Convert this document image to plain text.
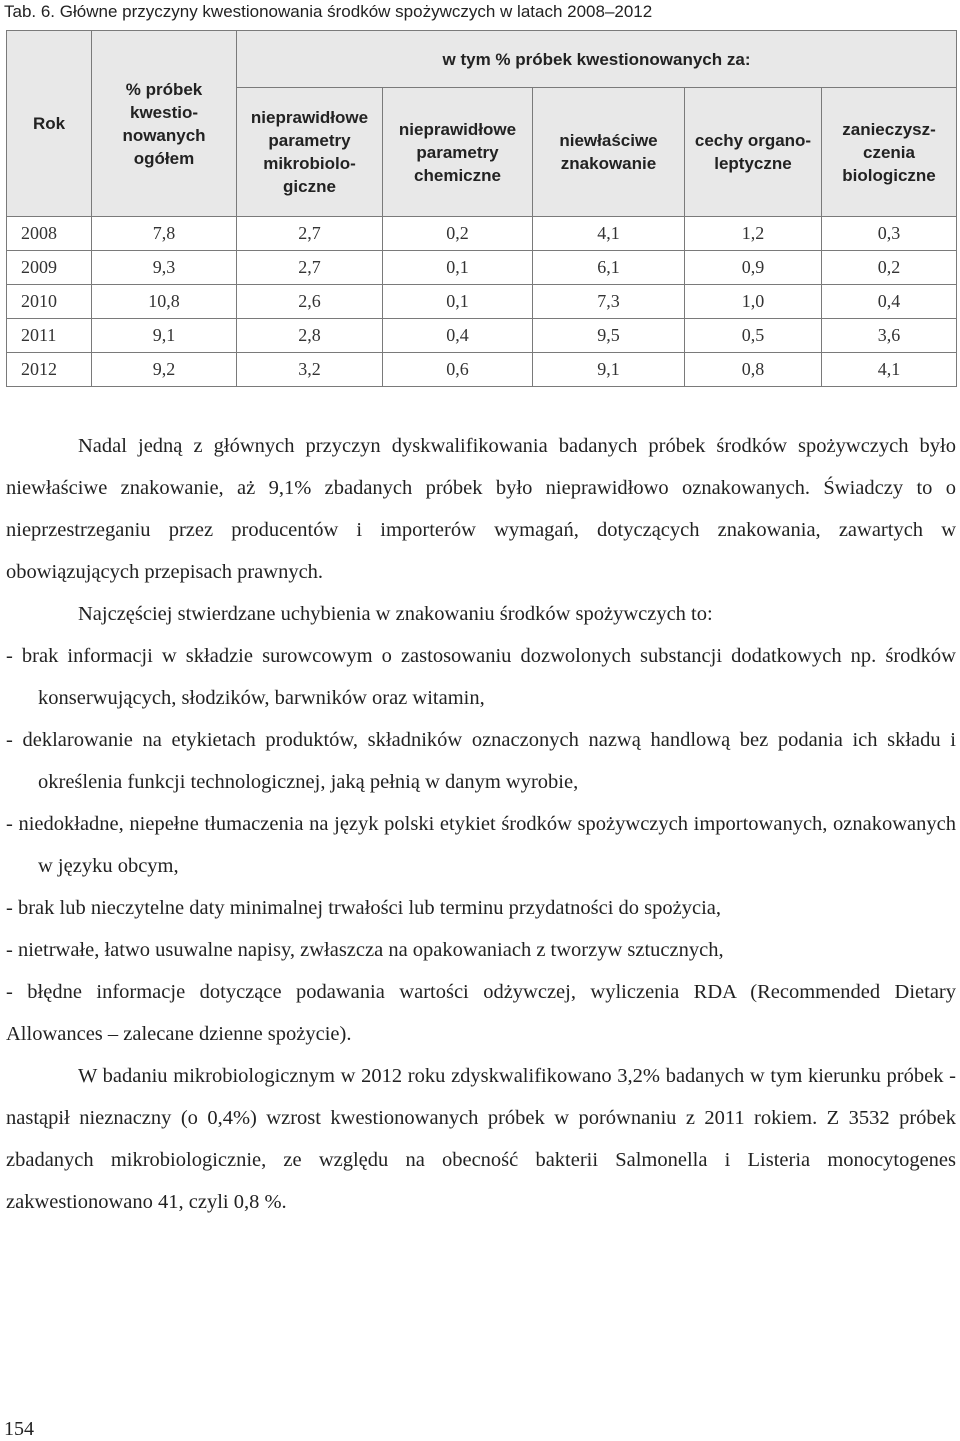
Tab. 6. Główne przyczyny kwestionowania środków spożywczych w latach 2008–2012
Rok	% próbek kwestio-nowanych ogółem	w tym % próbek kwestionowanych za:				
		nieprawidłowe parametry mikrobiolo-giczne	nieprawidłowe parametry chemiczne	niewłaściwe znakowanie	cechy organo-leptyczne	zanieczysz-czenia biologiczne
2008	7,8	2,7	0,2	4,1	1,2	0,3
2009	9,3	2,7	0,1	6,1	0,9	0,2
2010	10,8	2,6	0,1	7,3	1,0	0,4
2011	9,1	2,8	0,4	9,5	0,5	3,6
2012	9,2	3,2	0,6	9,1	0,8	4,1

Nadal jedną z głównych przyczyn dyskwalifikowania badanych próbek środków spożywczych było niewłaściwe znakowanie, aż 9,1% zbadanych próbek było nieprawidłowo oznakowanych. Świadczy to o nieprzestrzeganiu przez producentów i importerów wymagań, dotyczących znakowania, zawartych w obowiązujących przepisach prawnych.

Najczęściej stwierdzane uchybienia w znakowaniu środków spożywczych to:

- brak informacji w składzie surowcowym o zastosowaniu dozwolonych substancji dodatkowych np. środków konserwujących, słodzików, barwników oraz witamin,

- deklarowanie na etykietach produktów, składników oznaczonych nazwą handlową bez podania ich składu i określenia funkcji technologicznej, jaką pełnią w danym wyrobie,

- niedokładne, niepełne tłumaczenia na język polski etykiet środków spożywczych importowanych, oznakowanych w języku obcym,

- brak lub nieczytelne daty minimalnej trwałości lub terminu przydatności do spożycia,

- nietrwałe, łatwo usuwalne napisy, zwłaszcza na opakowaniach z tworzyw sztucznych,

- błędne informacje dotyczące podawania wartości odżywczej, wyliczenia RDA (Recommended Dietary Allowances – zalecane dzienne spożycie).

W badaniu mikrobiologicznym w 2012 roku zdyskwalifikowano 3,2% badanych w tym kierunku próbek - nastąpił nieznaczny (o 0,4%) wzrost kwestionowanych próbek w porównaniu z 2011 rokiem. Z 3532 próbek zbadanych mikrobiologicznie, ze względu na obecność bakterii Salmonella i Listeria monocytogenes zakwestionowano 41, czyli 0,8 %.

154
